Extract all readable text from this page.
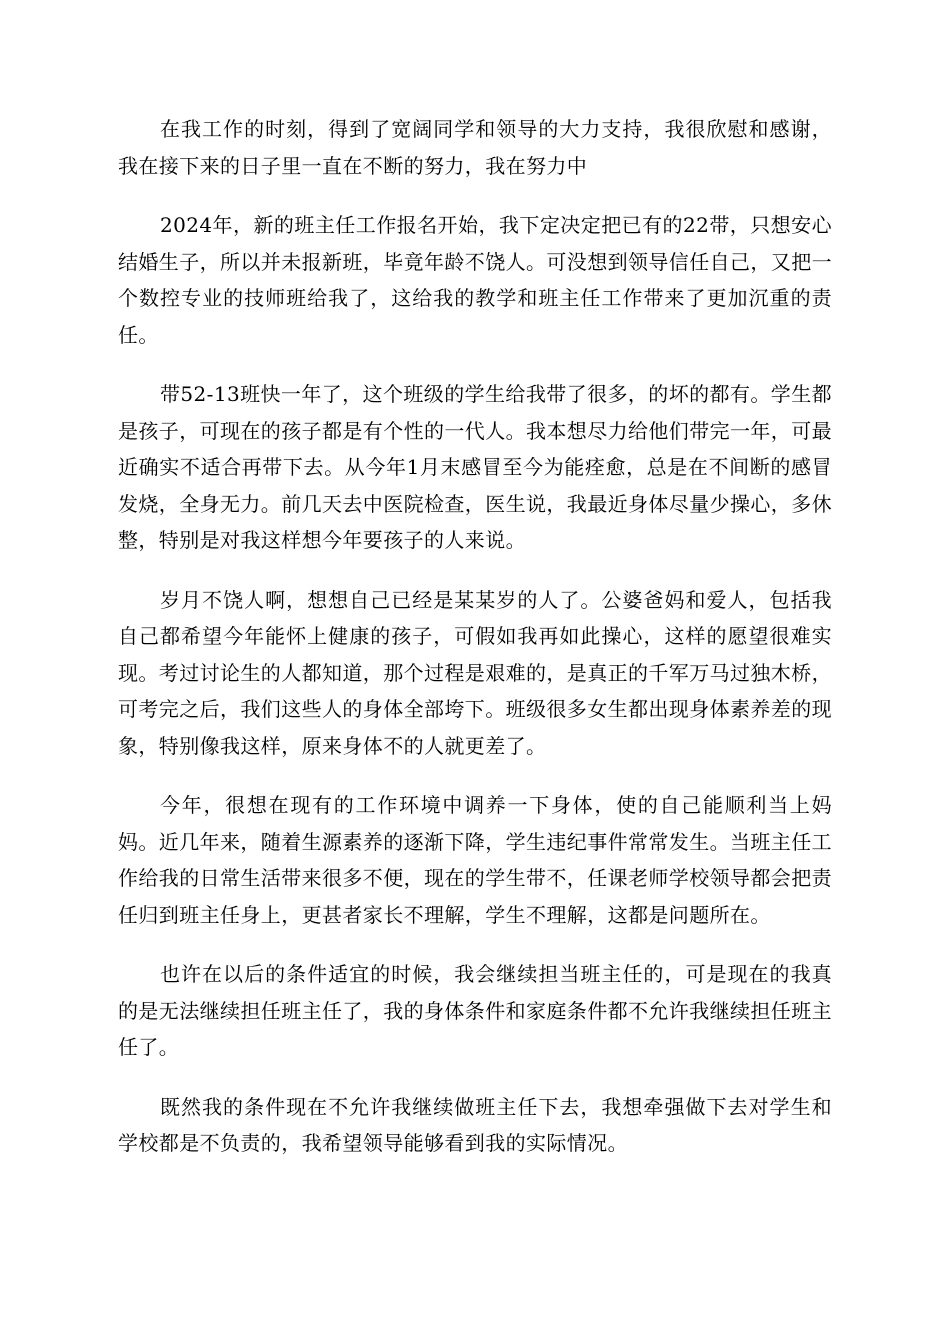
在我工作的时刻，得到了宽阔同学和领导的大力支持，我很欣慰和感谢，我在接下来的日子里一直在不断的努力，我在努力中

2024年，新的班主任工作报名开始，我下定决定把已有的22带，只想安心结婚生子，所以并未报新班，毕竟年龄不饶人。可没想到领导信任自己，又把一个数控专业的技师班给我了，这给我的教学和班主任工作带来了更加沉重的责任。

带52-13班快一年了，这个班级的学生给我带了很多，的坏的都有。学生都是孩子，可现在的孩子都是有个性的一代人。我本想尽力给他们带完一年，可最近确实不适合再带下去。从今年1月末感冒至今为能痊愈，总是在不间断的感冒发烧，全身无力。前几天去中医院检查，医生说，我最近身体尽量少操心，多休整，特别是对我这样想今年要孩子的人来说。

岁月不饶人啊，想想自己已经是某某岁的人了。公婆爸妈和爱人，包括我自己都希望今年能怀上健康的孩子，可假如我再如此操心，这样的愿望很难实现。考过讨论生的人都知道，那个过程是艰难的，是真正的千军万马过独木桥，可考完之后，我们这些人的身体全部垮下。班级很多女生都出现身体素养差的现象，特别像我这样，原来身体不的人就更差了。

今年，很想在现有的工作环境中调养一下身体，使的自己能顺利当上妈妈。近几年来，随着生源素养的逐渐下降，学生违纪事件常常发生。当班主任工作给我的日常生活带来很多不便，现在的学生带不，任课老师学校领导都会把责任归到班主任身上，更甚者家长不理解，学生不理解，这都是问题所在。

也许在以后的条件适宜的时候，我会继续担当班主任的，可是现在的我真的是无法继续担任班主任了，我的身体条件和家庭条件都不允许我继续担任班主任了。

既然我的条件现在不允许我继续做班主任下去，我想牵强做下去对学生和学校都是不负责的，我希望领导能够看到我的实际情况。
